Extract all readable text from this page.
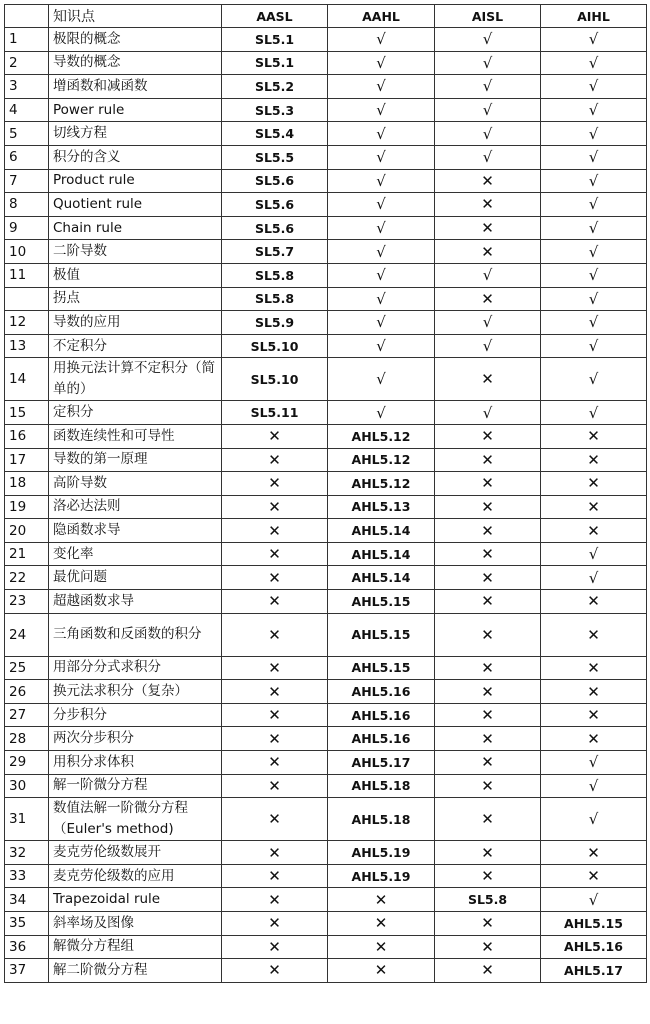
	知识点	AASL	AAHL	AISL	AIHL
1	极限的概念	SL5.1	√	√	√
2	导数的概念	SL5.1	√	√	√
3	增函数和减函数	SL5.2	√	√	√
4	Power rule	SL5.3	√	√	√
5	切线方程	SL5.4	√	√	√
6	积分的含义	SL5.5	√	√	√
7	Product rule	SL5.6	√	✕	√
8	Quotient rule	SL5.6	√	✕	√
9	Chain rule	SL5.6	√	✕	√
10	二阶导数	SL5.7	√	✕	√
11	极值	SL5.8	√	√	√
	拐点	SL5.8	√	✕	√
12	导数的应用	SL5.9	√	√	√
13	不定积分	SL5.10	√	√	√
14	用换元法计算不定积分（简单的）	SL5.10	√	✕	√
15	定积分	SL5.11	√	√	√
16	函数连续性和可导性	✕	AHL5.12	✕	✕
17	导数的第一原理	✕	AHL5.12	✕	✕
18	高阶导数	✕	AHL5.12	✕	✕
19	洛必达法则	✕	AHL5.13	✕	✕
20	隐函数求导	✕	AHL5.14	✕	✕
21	变化率	✕	AHL5.14	✕	√
22	最优问题	✕	AHL5.14	✕	√
23	超越函数求导	✕	AHL5.15	✕	✕
24	三角函数和反函数的积分	✕	AHL5.15	✕	✕
25	用部分分式求积分	✕	AHL5.15	✕	✕
26	换元法求积分（复杂）	✕	AHL5.16	✕	✕
27	分步积分	✕	AHL5.16	✕	✕
28	两次分步积分	✕	AHL5.16	✕	✕
29	用积分求体积	✕	AHL5.17	✕	√
30	解一阶微分方程	✕	AHL5.18	✕	√
31	数值法解一阶微分方程（Euler's method)	✕	AHL5.18	✕	√
32	麦克劳伦级数展开	✕	AHL5.19	✕	✕
33	麦克劳伦级数的应用	✕	AHL5.19	✕	✕
34	Trapezoidal rule	✕	✕	SL5.8	√
35	斜率场及图像	✕	✕	✕	AHL5.15
36	解微分方程组	✕	✕	✕	AHL5.16
37	解二阶微分方程	✕	✕	✕	AHL5.17
